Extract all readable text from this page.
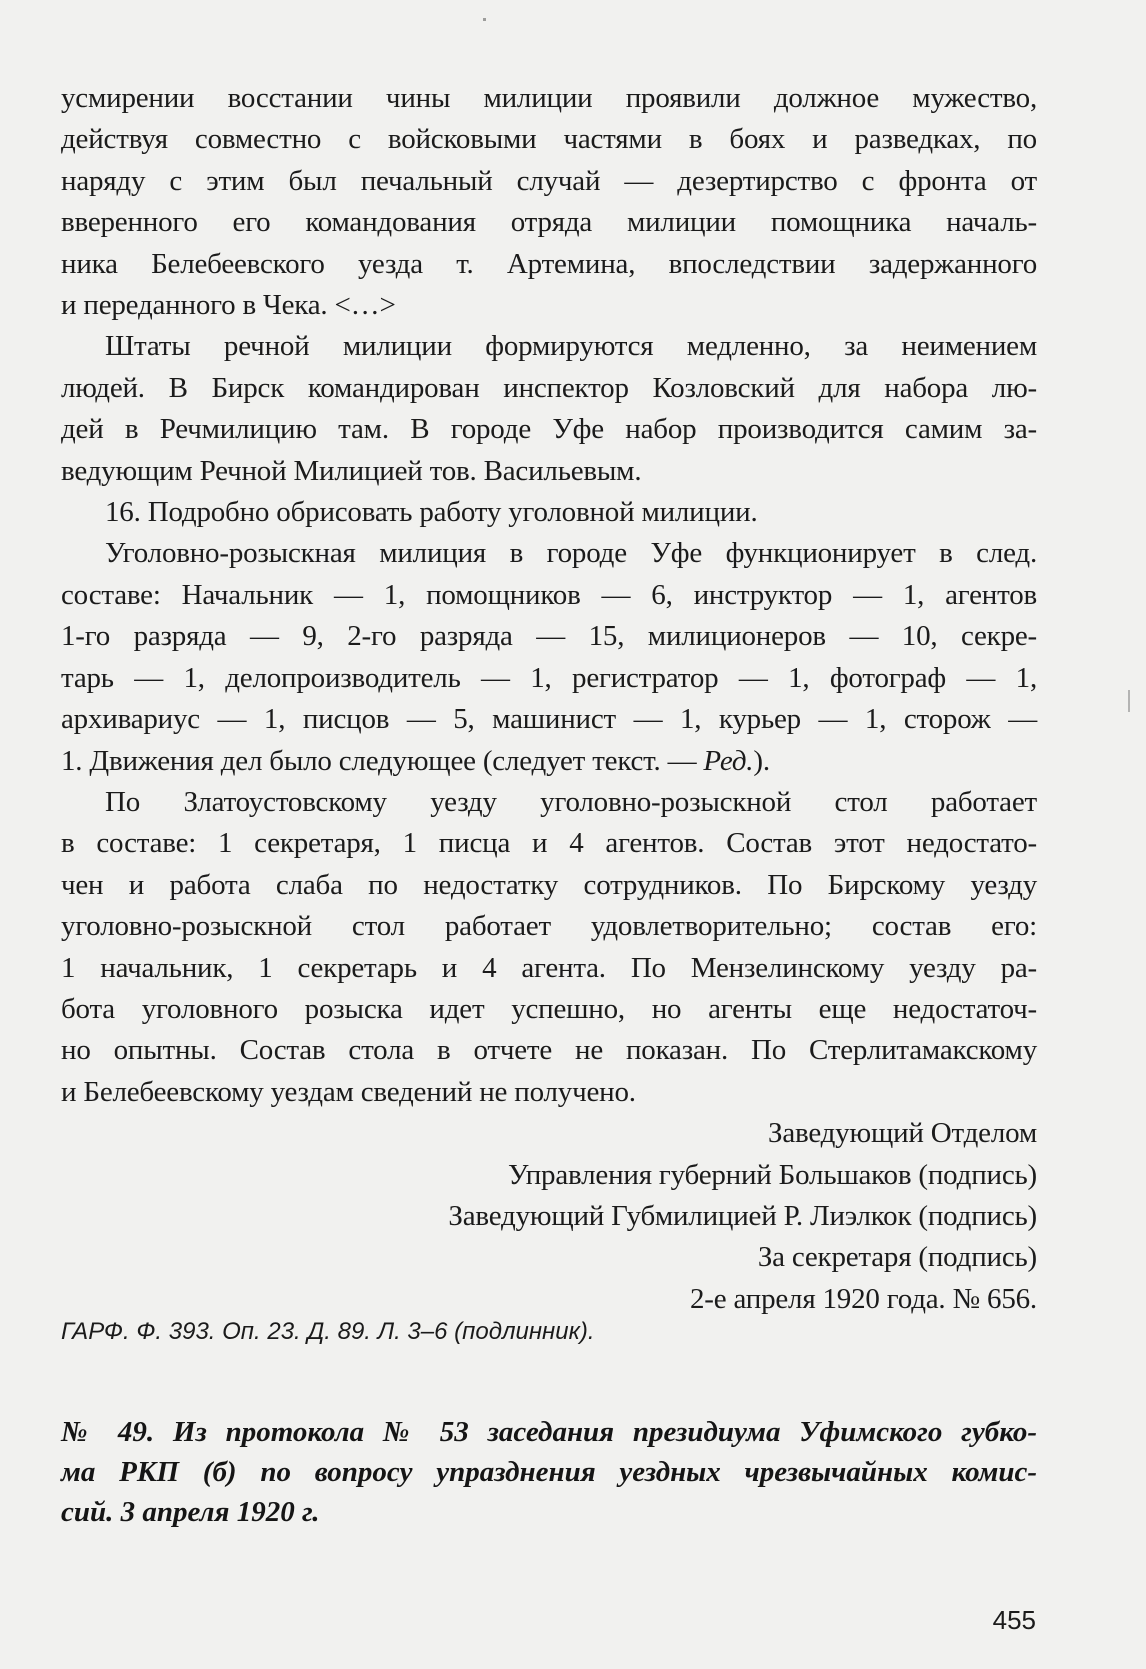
усмирении восстании чины милиции проявили должное мужество,
действуя совместно с войсковыми частями в боях и разведках, по
наряду с этим был печальный случай — дезертирство с фронта от
вверенного его командования отряда милиции помощника началь-
ника Белебеевского уезда т. Артемина, впоследствии задержанного
и переданного в Чека. <…>
Штаты речной милиции формируются медленно, за неимением
людей. В Бирск командирован инспектор Козловский для набора лю-
дей в Речмилицию там. В городе Уфе набор производится самим за-
ведующим Речной Милицией тов. Васильевым.
16. Подробно обрисовать работу уголовной милиции.
Уголовно-розыскная милиция в городе Уфе функционирует в след.
составе: Начальник — 1, помощников — 6, инструктор — 1, агентов
1-го разряда — 9, 2-го разряда — 15, милиционеров — 10, секре-
тарь — 1, делопроизводитель — 1, регистратор — 1, фотограф — 1,
архивариус — 1, писцов — 5, машинист — 1, курьер — 1, сторож —
1. Движения дел было следующее (следует текст. — Ред.).
По Златоустовскому уезду уголовно-розыскной стол работает
в составе: 1 секретаря, 1 писца и 4 агентов. Состав этот недостато-
чен и работа слаба по недостатку сотрудников. По Бирскому уезду
уголовно-розыскной стол работает удовлетворительно; состав его:
1 начальник, 1 секретарь и 4 агента. По Мензелинскому уезду ра-
бота уголовного розыска идет успешно, но агенты еще недостаточ-
но опытны. Состав стола в отчете не показан. По Стерлитамакскому
и Белебеевскому уездам сведений не получено.
Заведующий Отделом
Управления губерний Большаков (подпись)
Заведующий Губмилицией Р. Лиэлкок (подпись)
За секретаря (подпись)
2-е апреля 1920 года. № 656.
ГАРФ. Ф. 393. Оп. 23. Д. 89. Л. 3–6 (подлинник).
№ 49. Из протокола № 53 заседания президиума Уфимского губко-
ма РКП (б) по вопросу упразднения уездных чрезвычайных комис-
сий. 3 апреля 1920 г.
455
